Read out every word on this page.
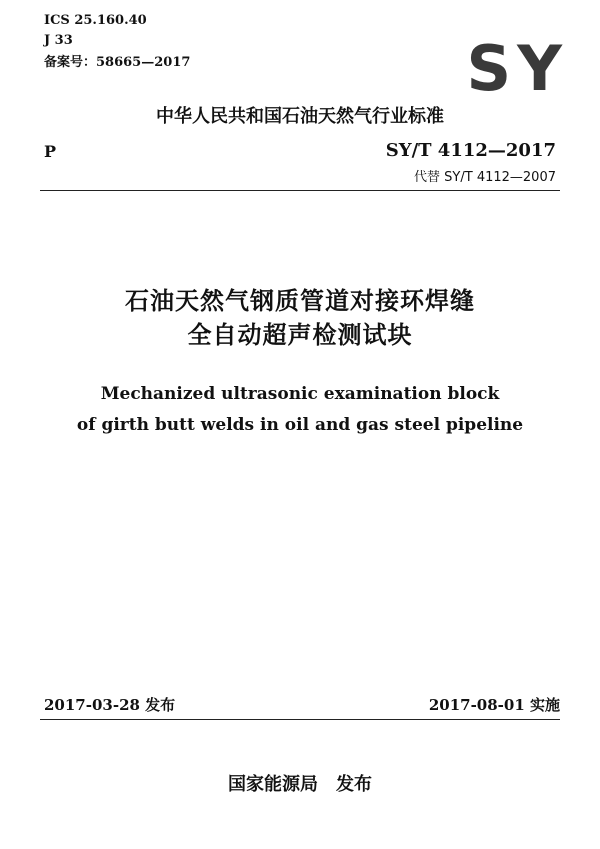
ICS 25.160.40
J 33
备案号：58665—2017	SY
中华人民共和国石油天然气行业标准
P	SY/T 4112—2017
代替 SY/T 4112—2007
石油天然气钢质管道对接环焊缝
全自动超声检测试块
Mechanized ultrasonic examination block
of girth butt welds in oil and gas steel pipeline
2017-03-28 发布	2017-08-01 实施
国家能源局　发布
